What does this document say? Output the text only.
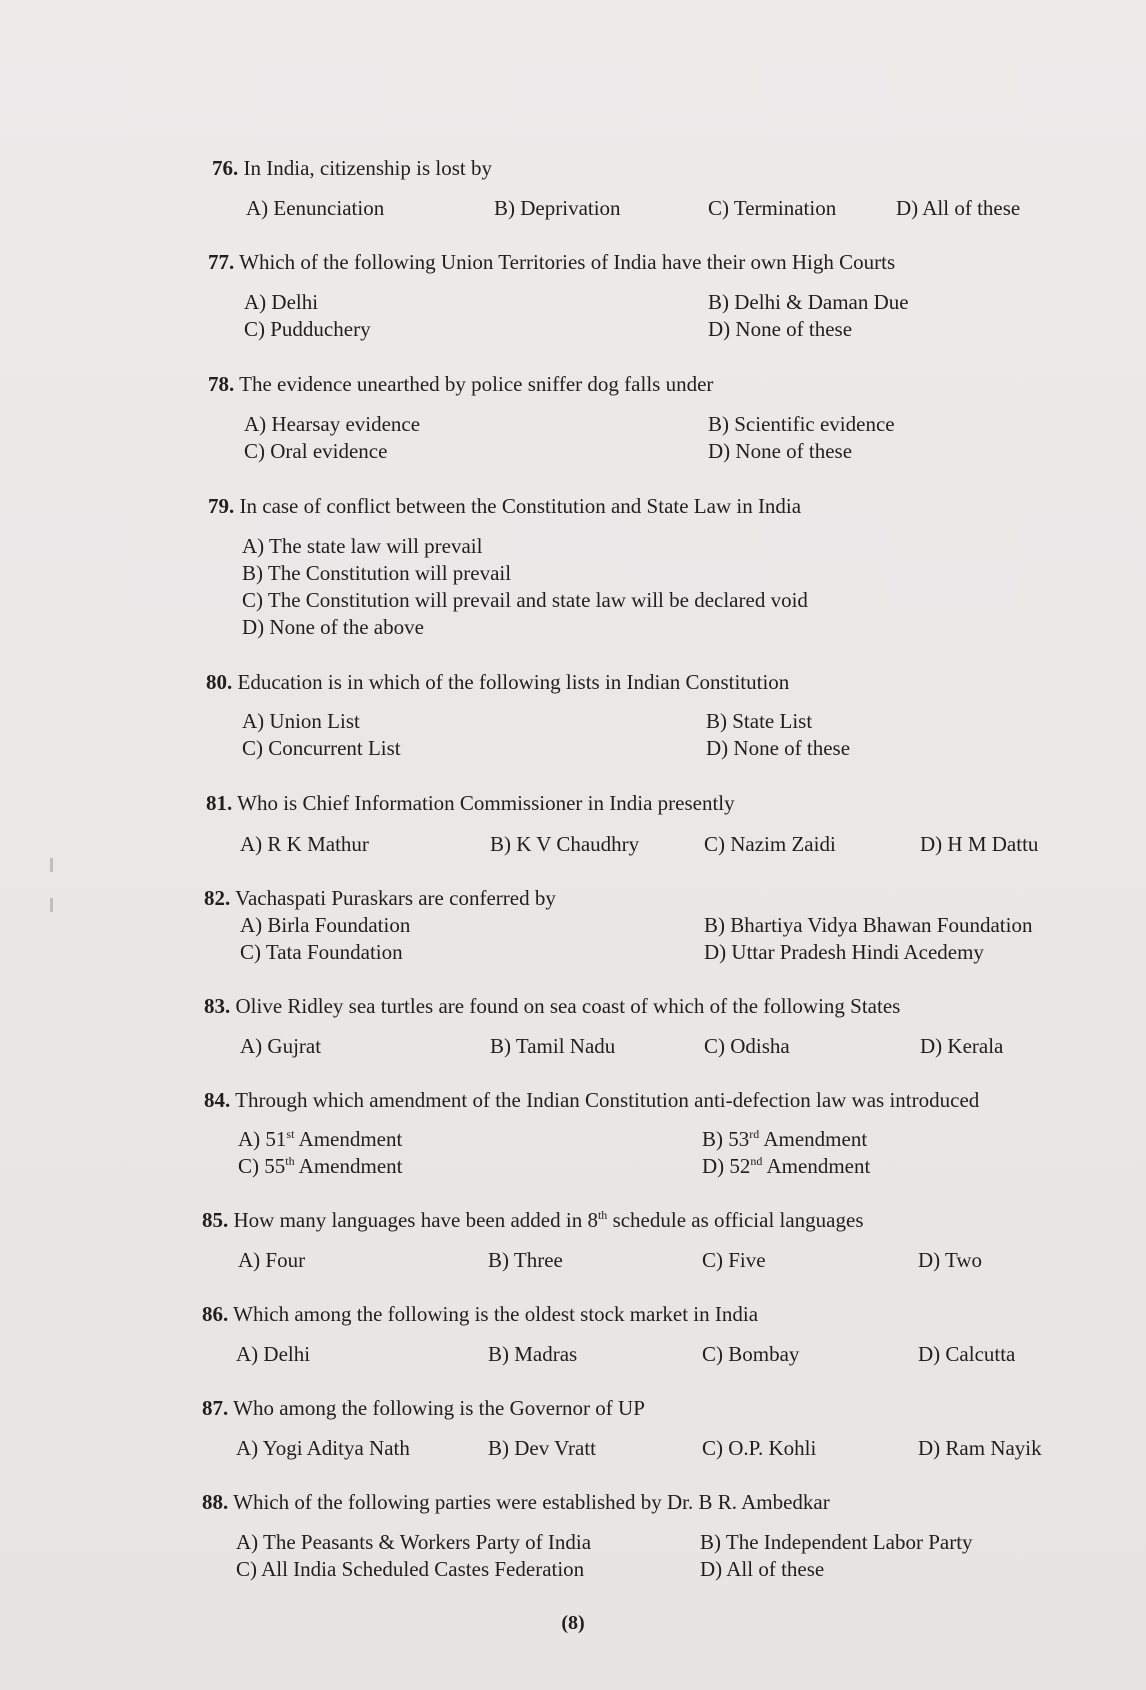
76. In India, citizenship is lost by
A) Eenunciation	B) Deprivation	C) Termination	D) All of these
77. Which of the following Union Territories of India have their own High Courts
A) Delhi	B) Delhi & Daman Due
C) Pudduchery	D) None of these
78. The evidence unearthed by police sniffer dog falls under
A) Hearsay evidence	B) Scientific evidence
C) Oral evidence	D) None of these
79. In case of conflict between the Constitution and State Law in India
A) The state law will prevail
B) The Constitution will prevail
C) The Constitution will prevail and state law will be declared void
D) None of the above
80. Education is in which of the following lists in Indian Constitution
A) Union List	B) State List
C) Concurrent List	D) None of these
81. Who is Chief Information Commissioner in India presently
A) R K Mathur	B) K V Chaudhry	C) Nazim Zaidi	D) H M Dattu
82. Vachaspati Puraskars are conferred by
A) Birla Foundation	B) Bhartiya Vidya Bhawan Foundation
C) Tata Foundation	D) Uttar Pradesh Hindi Acedemy
83. Olive Ridley sea turtles are found on sea coast of which of the following States
A) Gujrat	B) Tamil Nadu	C) Odisha	D) Kerala
84. Through which amendment of the Indian Constitution anti-defection law was introduced
A) 51st Amendment	B) 53rd Amendment
C) 55th Amendment	D) 52nd Amendment
85. How many languages have been added in 8th schedule as official languages
A) Four	B) Three	C) Five	D) Two
86. Which among the following is the oldest stock market in India
A) Delhi	B) Madras	C) Bombay	D) Calcutta
87. Who among the following is the Governor of UP
A) Yogi Aditya Nath	B) Dev Vratt	C) O.P. Kohli	D) Ram Nayik
88. Which of the following parties were established by Dr. B R. Ambedkar
A) The Peasants & Workers Party of India	B) The Independent Labor Party
C) All India Scheduled Castes Federation	D) All of these
(8)
